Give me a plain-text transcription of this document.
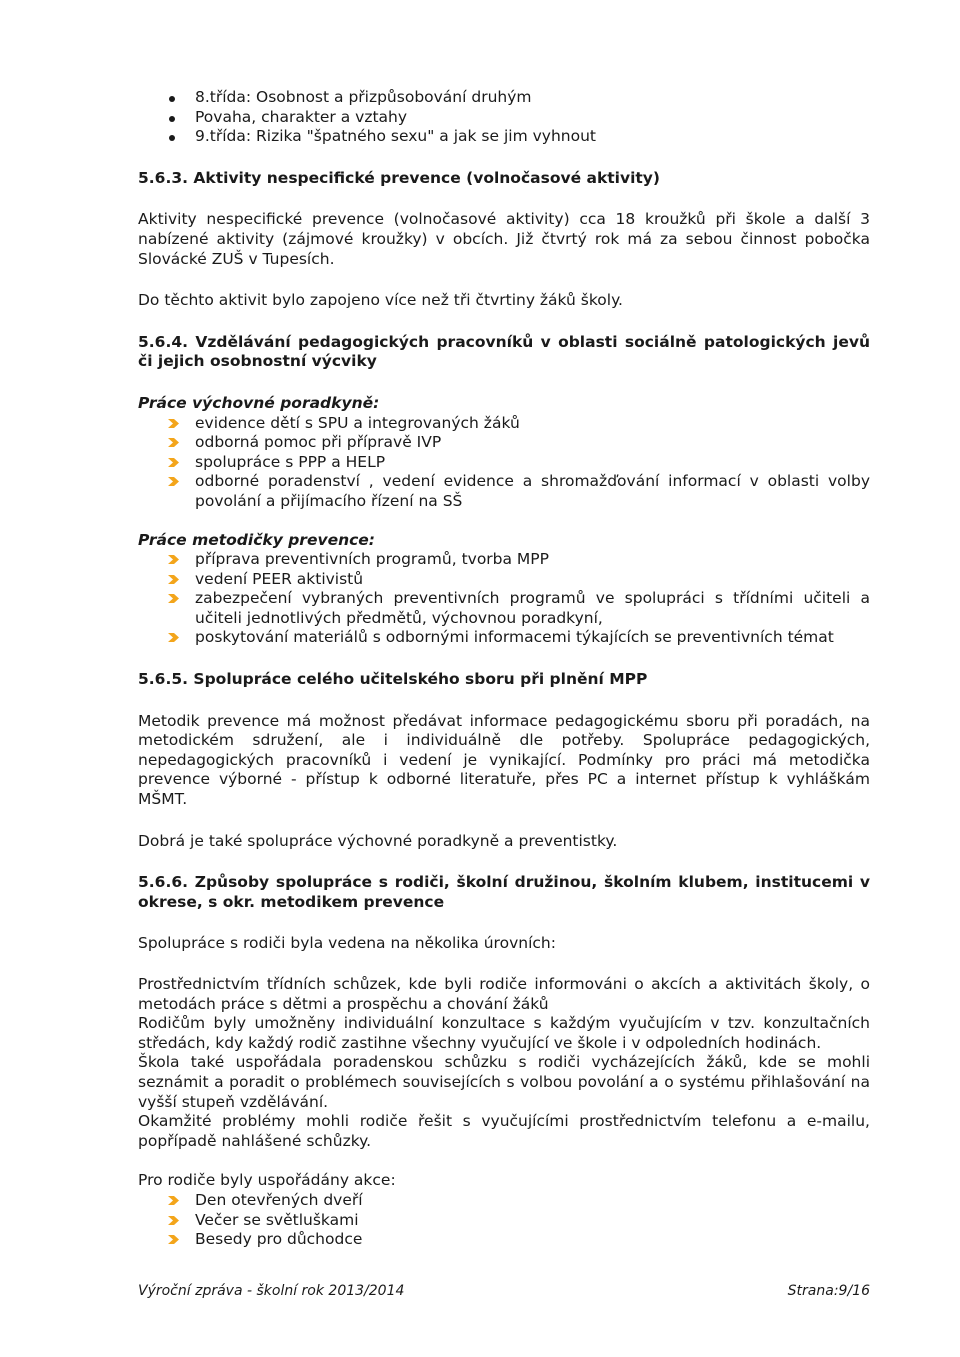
8.třída: Osobnost a přizpůsobování druhým
Povaha, charakter a vztahy
9.třída: Rizika "špatného sexu" a jak se jim vyhnout
5.6.3. Aktivity nespecifické prevence (volnočasové aktivity)
Aktivity nespecifické prevence (volnočasové aktivity) cca 18 kroužků při škole a další 3 nabízené aktivity (zájmové kroužky) v obcích. Již čtvrtý rok má za sebou činnost pobočka Slovácké ZUŠ v Tupesích.
Do těchto aktivit bylo zapojeno více než tři čtvrtiny žáků školy.
5.6.4. Vzdělávání pedagogických pracovníků v oblasti sociálně patologických jevů či jejich osobnostní výcviky
Práce výchovné poradkyně:
evidence dětí s SPU a integrovaných žáků
odborná pomoc při přípravě IVP
spolupráce s PPP a HELP
odborné poradenství , vedení evidence a shromažďování informací v oblasti volby povolání a přijímacího řízení na SŠ
Práce metodičky prevence:
příprava preventivních programů, tvorba MPP
vedení PEER aktivistů
zabezpečení vybraných preventivních programů ve spolupráci s třídními učiteli a učiteli jednotlivých předmětů, výchovnou poradkyní,
poskytování materiálů s odbornými informacemi týkajících se preventivních témat
5.6.5. Spolupráce celého učitelského sboru při plnění MPP
Metodik prevence má možnost předávat informace pedagogickému sboru při poradách, na metodickém sdružení, ale i individuálně dle potřeby. Spolupráce pedagogických, nepedagogických pracovníků i vedení je vynikající. Podmínky pro práci má metodička prevence výborné - přístup k odborné literatuře, přes PC a internet přístup k vyhláškám MŠMT.
Dobrá je také spolupráce výchovné poradkyně a preventistky.
5.6.6. Způsoby spolupráce s rodiči, školní družinou, školním klubem, institucemi v okrese, s okr. metodikem prevence
Spolupráce s rodiči byla vedena na několika úrovních:
Prostřednictvím třídních schůzek, kde byli rodiče informováni o akcích a aktivitách školy, o metodách práce s dětmi a prospěchu a chování žáků
Rodičům byly umožněny individuální konzultace s každým vyučujícím v tzv. konzultačních středách, kdy každý rodič zastihne všechny vyučující ve škole i v odpoledních hodinách.
Škola také uspořádala poradenskou schůzku s rodiči vycházejících žáků, kde se mohli seznámit a poradit o problémech souvisejících s volbou povolání a o systému přihlašování na vyšší stupeň vzdělávání.
Okamžité problémy mohli rodiče řešit s vyučujícími prostřednictvím telefonu a e-mailu, popřípadě nahlášené schůzky.
Pro rodiče byly uspořádány akce:
Den otevřených dveří
Večer se světluškami
Besedy pro důchodce
Výroční zpráva - školní rok 2013/2014	Strana:9/16
